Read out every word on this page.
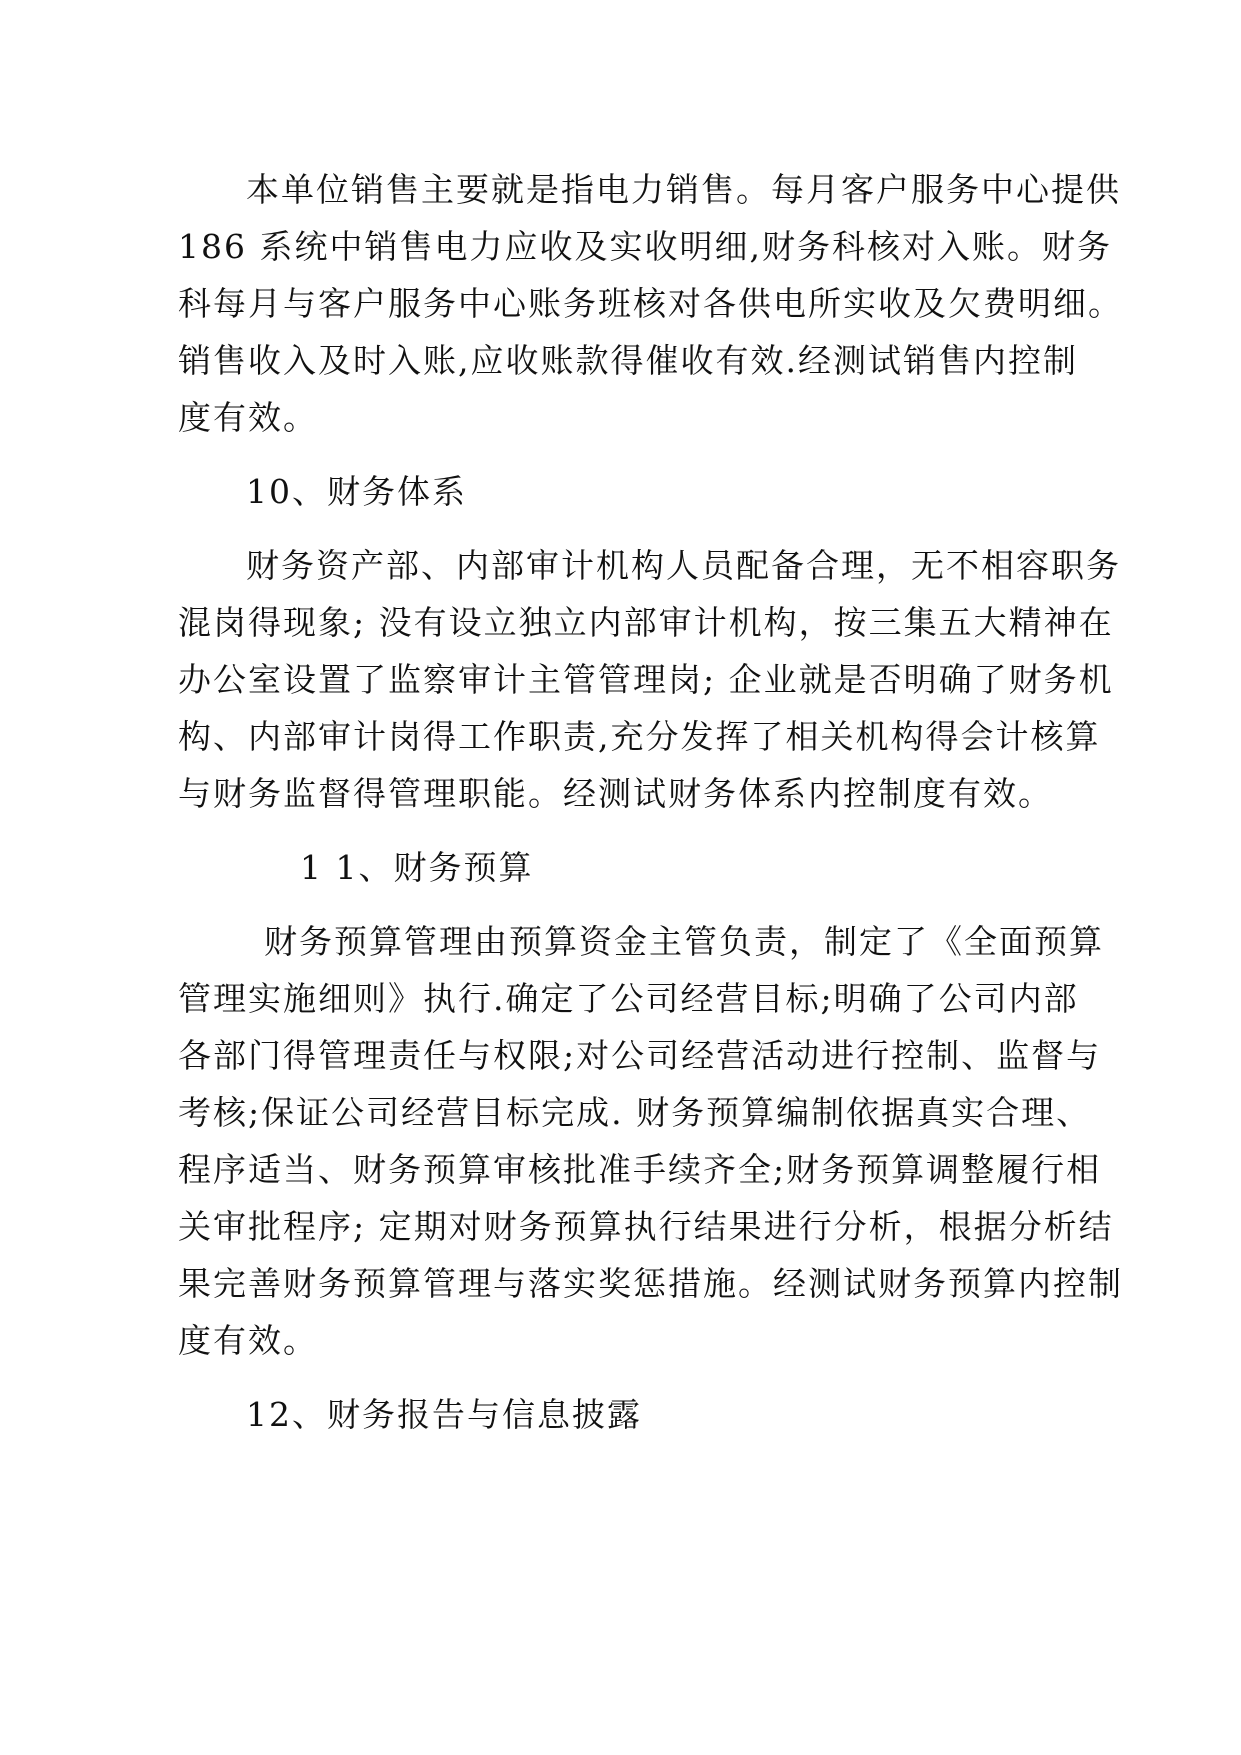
本单位销售主要就是指电力销售。每月客户服务中心提供
186 系统中销售电力应收及实收明细,财务科核对入账。财务
科每月与客户服务中心账务班核对各供电所实收及欠费明细。
销售收入及时入账,应收账款得催收有效.经测试销售内控制
度有效。
10、财务体系
财务资产部、内部审计机构人员配备合理，无不相容职务
混岗得现象; 没有设立独立内部审计机构，按三集五大精神在
办公室设置了监察审计主管管理岗; 企业就是否明确了财务机
构、内部审计岗得工作职责,充分发挥了相关机构得会计核算
与财务监督得管理职能。经测试财务体系内控制度有效。
1 1、财务预算
财务预算管理由预算资金主管负责，制定了《全面预算
管理实施细则》执行.确定了公司经营目标;明确了公司内部
各部门得管理责任与权限;对公司经营活动进行控制、监督与
考核;保证公司经营目标完成. 财务预算编制依据真实合理、
程序适当、财务预算审核批准手续齐全;财务预算调整履行相
关审批程序; 定期对财务预算执行结果进行分析，根据分析结
果完善财务预算管理与落实奖惩措施。经测试财务预算内控制
度有效。
12、财务报告与信息披露
